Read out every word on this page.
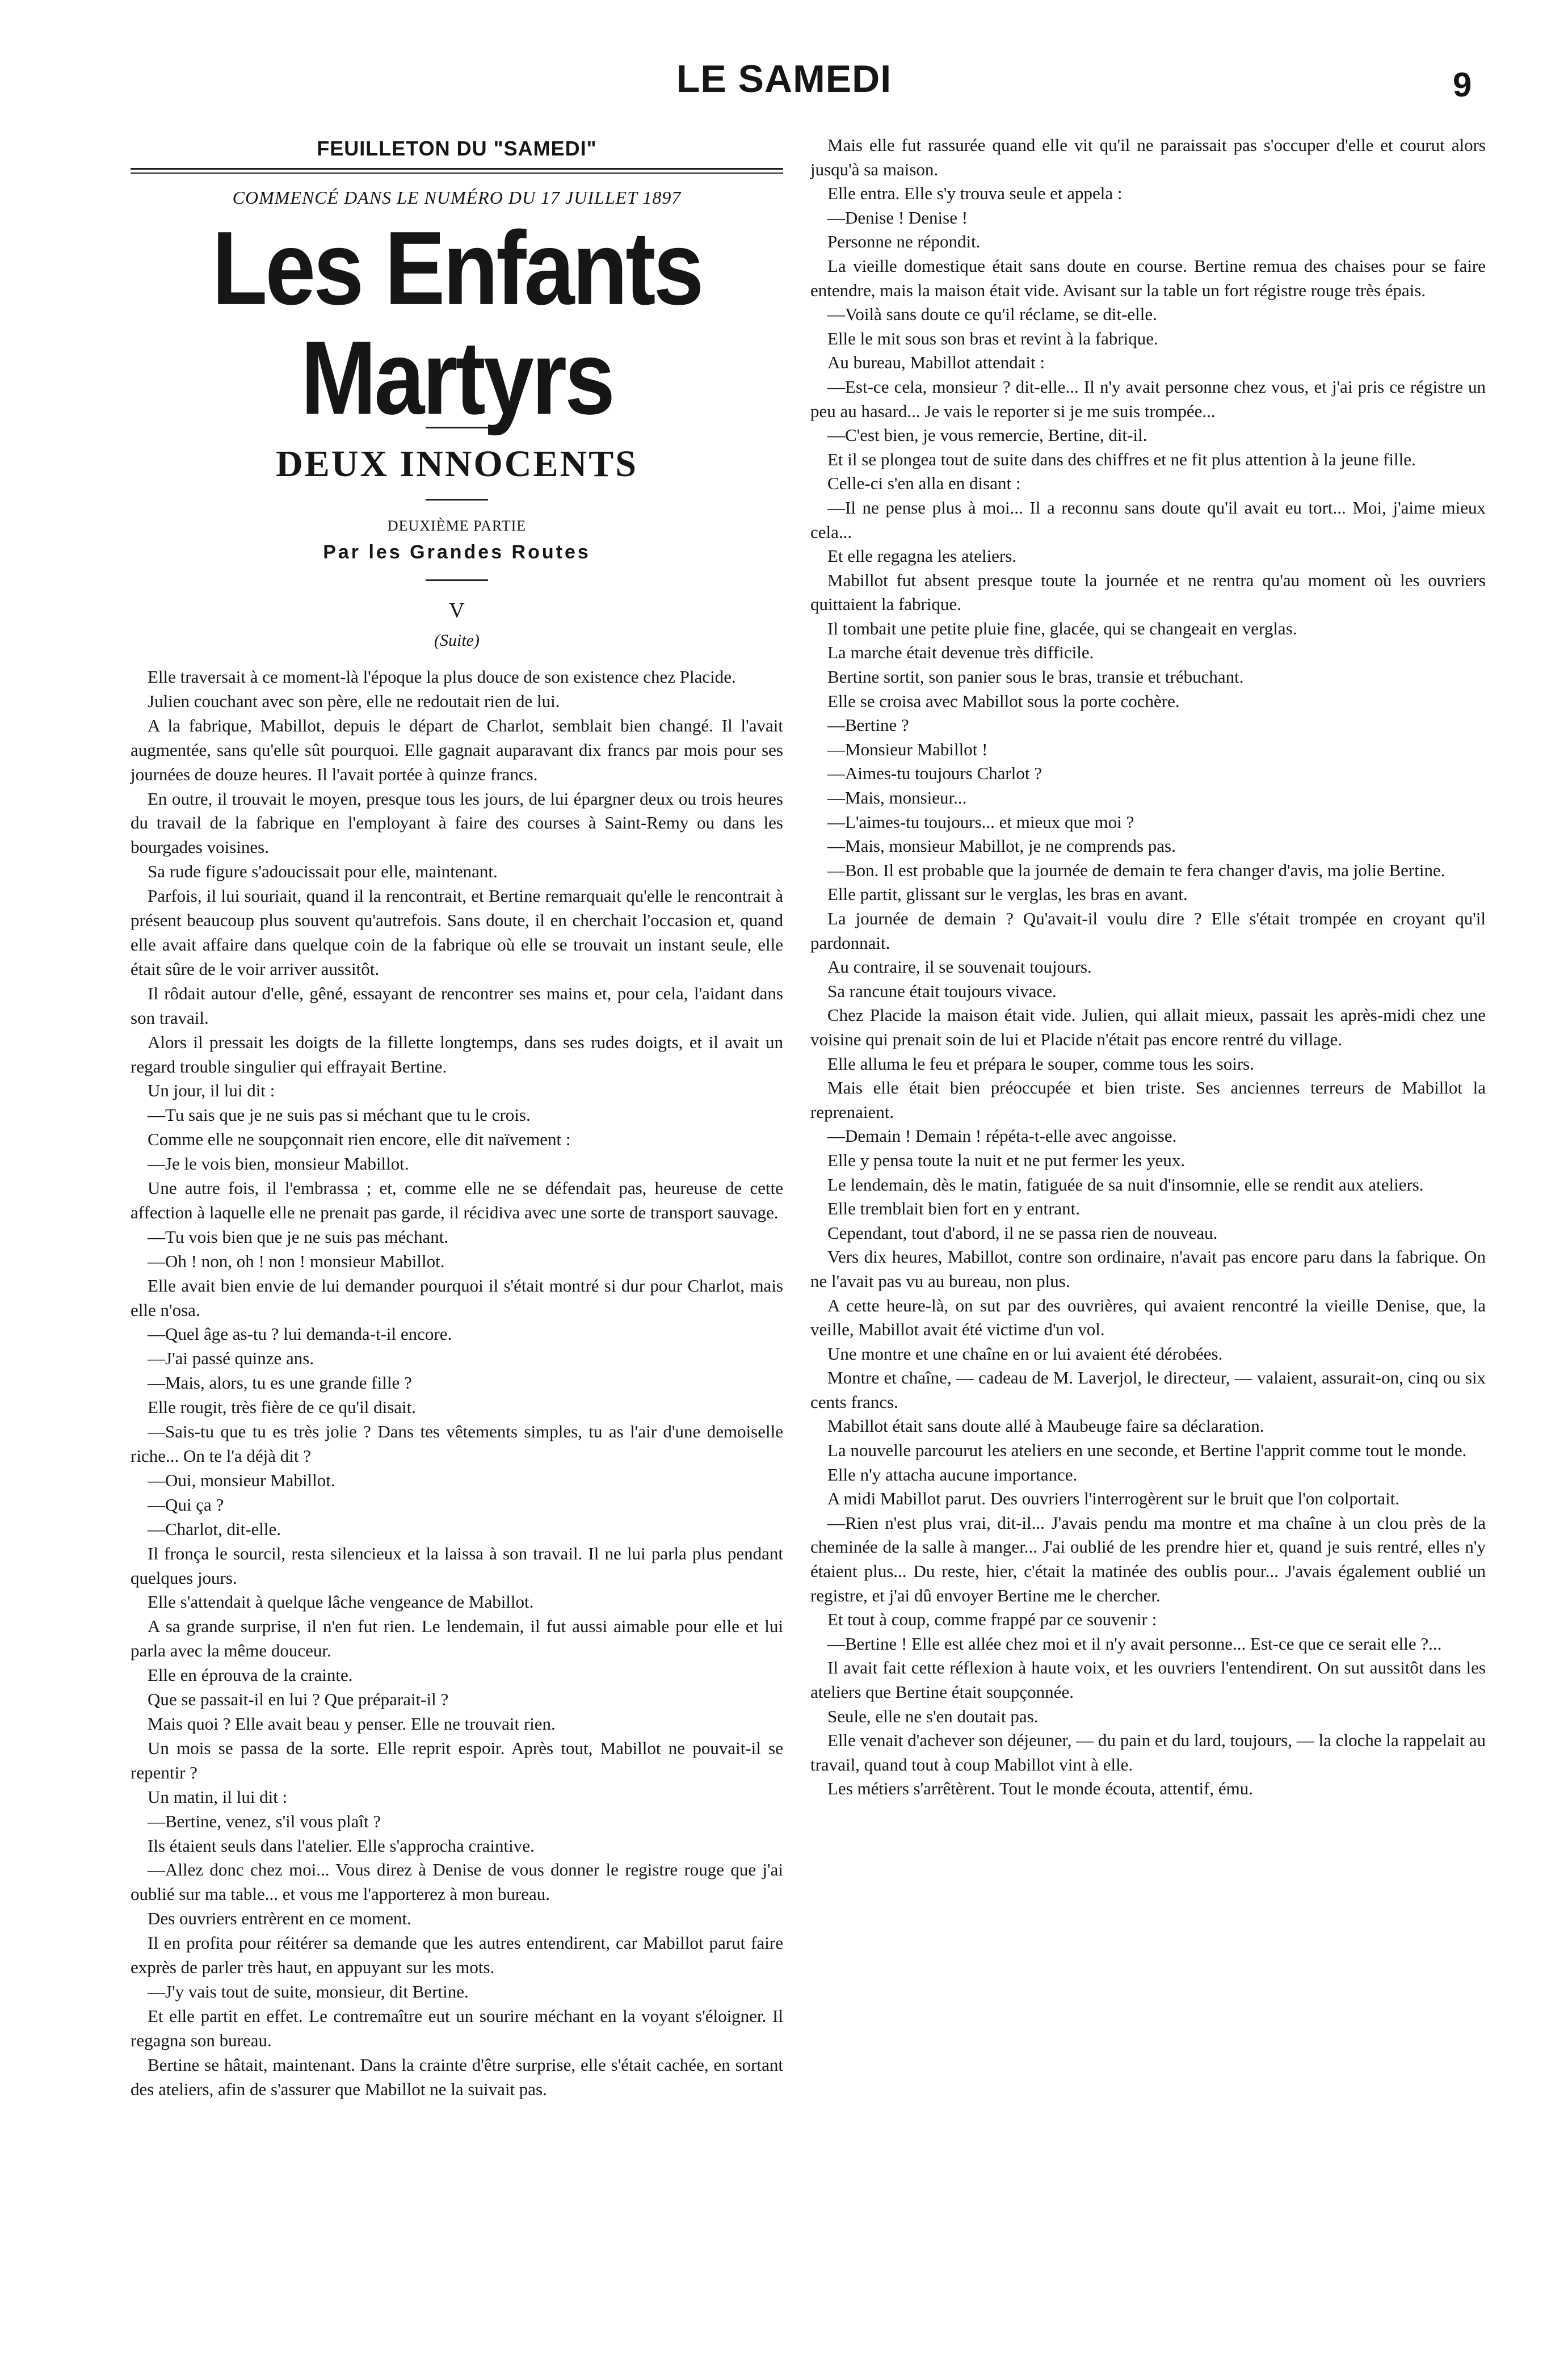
LE SAMEDI	9

FEUILLETON DU "SAMEDI"

COMMENCÉ DANS LE NUMÉRO DU 17 JUILLET 1897

Les Enfants Martyrs
DEUX INNOCENTS

DEUXIÈME PARTIE

Par les Grandes Routes

V

(Suite)

Elle traversait à ce moment-là l'époque la plus douce de son existence chez Placide.

Julien couchant avec son père, elle ne redoutait rien de lui.

A la fabrique, Mabillot, depuis le départ de Charlot, semblait bien changé. Il l'avait augmentée, sans qu'elle sût pourquoi. Elle gagnait auparavant dix francs par mois pour ses journées de douze heures. Il l'avait portée à quinze francs.

En outre, il trouvait le moyen, presque tous les jours, de lui épargner deux ou trois heures du travail de la fabrique en l'employant à faire des courses à Saint-Remy ou dans les bourgades voisines.

Sa rude figure s'adoucissait pour elle, maintenant.

Parfois, il lui souriait, quand il la rencontrait, et Bertine remarquait qu'elle le rencontrait à présent beaucoup plus souvent qu'autrefois. Sans doute, il en cherchait l'occasion et, quand elle avait affaire dans quelque coin de la fabrique où elle se trouvait un instant seule, elle était sûre de le voir arriver aussitôt.

Il rôdait autour d'elle, gêné, essayant de rencontrer ses mains et, pour cela, l'aidant dans son travail.

Alors il pressait les doigts de la fillette longtemps, dans ses rudes doigts, et il avait un regard trouble singulier qui effrayait Bertine.

Un jour, il lui dit :

—Tu sais que je ne suis pas si méchant que tu le crois.

Comme elle ne soupçonnait rien encore, elle dit naïvement :

—Je le vois bien, monsieur Mabillot.

Une autre fois, il l'embrassa ; et, comme elle ne se défendait pas, heureuse de cette affection à laquelle elle ne prenait pas garde, il récidiva avec une sorte de transport sauvage.

—Tu vois bien que je ne suis pas méchant.

—Oh ! non, oh ! non ! monsieur Mabillot.

Elle avait bien envie de lui demander pourquoi il s'était montré si dur pour Charlot, mais elle n'osa.

—Quel âge as-tu ? lui demanda-t-il encore.

—J'ai passé quinze ans.

—Mais, alors, tu es une grande fille ?

Elle rougit, très fière de ce qu'il disait.

—Sais-tu que tu es très jolie ? Dans tes vêtements simples, tu as l'air d'une demoiselle riche... On te l'a déjà dit ?

—Oui, monsieur Mabillot.

—Qui ça ?

—Charlot, dit-elle.

Il fronça le sourcil, resta silencieux et la laissa à son travail. Il ne lui parla plus pendant quelques jours.

Elle s'attendait à quelque lâche vengeance de Mabillot.

A sa grande surprise, il n'en fut rien. Le lendemain, il fut aussi aimable pour elle et lui parla avec la même douceur.

Elle en éprouva de la crainte.

Que se passait-il en lui ? Que préparait-il ?

Mais quoi ? Elle avait beau y penser. Elle ne trouvait rien.

Un mois se passa de la sorte. Elle reprit espoir. Après tout, Mabillot ne pouvait-il se repentir ?

Un matin, il lui dit :

—Bertine, venez, s'il vous plaît ?

Ils étaient seuls dans l'atelier. Elle s'approcha craintive.

—Allez donc chez moi... Vous direz à Denise de vous donner le registre rouge que j'ai oublié sur ma table... et vous me l'apporterez à mon bureau.

Des ouvriers entrèrent en ce moment.

Il en profita pour réitérer sa demande que les autres entendirent, car Mabillot parut faire exprès de parler très haut, en appuyant sur les mots.

—J'y vais tout de suite, monsieur, dit Bertine.

Et elle partit en effet. Le contremaître eut un sourire méchant en la voyant s'éloigner. Il regagna son bureau.

Bertine se hâtait, maintenant. Dans la crainte d'être surprise, elle s'était cachée, en sortant des ateliers, afin de s'assurer que Mabillot ne la suivait pas.

Mais elle fut rassurée quand elle vit qu'il ne paraissait pas s'occuper d'elle et courut alors jusqu'à sa maison.

Elle entra. Elle s'y trouva seule et appela :

—Denise ! Denise !

Personne ne répondit.

La vieille domestique était sans doute en course. Bertine remua des chaises pour se faire entendre, mais la maison était vide. Avisant sur la table un fort régistre rouge très épais.

—Voilà sans doute ce qu'il réclame, se dit-elle.

Elle le mit sous son bras et revint à la fabrique.

Au bureau, Mabillot attendait :

—Est-ce cela, monsieur ? dit-elle... Il n'y avait personne chez vous, et j'ai pris ce régistre un peu au hasard... Je vais le reporter si je me suis trompée...

—C'est bien, je vous remercie, Bertine, dit-il.

Et il se plongea tout de suite dans des chiffres et ne fit plus attention à la jeune fille.

Celle-ci s'en alla en disant :

—Il ne pense plus à moi... Il a reconnu sans doute qu'il avait eu tort... Moi, j'aime mieux cela...

Et elle regagna les ateliers.

Mabillot fut absent presque toute la journée et ne rentra qu'au moment où les ouvriers quittaient la fabrique.

Il tombait une petite pluie fine, glacée, qui se changeait en verglas.

La marche était devenue très difficile.

Bertine sortit, son panier sous le bras, transie et trébuchant.

Elle se croisa avec Mabillot sous la porte cochère.

—Bertine ?

—Monsieur Mabillot !

—Aimes-tu toujours Charlot ?

—Mais, monsieur...

—L'aimes-tu toujours... et mieux que moi ?

—Mais, monsieur Mabillot, je ne comprends pas.

—Bon. Il est probable que la journée de demain te fera changer d'avis, ma jolie Bertine.

Elle partit, glissant sur le verglas, les bras en avant.

La journée de demain ? Qu'avait-il voulu dire ? Elle s'était trompée en croyant qu'il pardonnait.

Au contraire, il se souvenait toujours.

Sa rancune était toujours vivace.

Chez Placide la maison était vide. Julien, qui allait mieux, passait les après-midi chez une voisine qui prenait soin de lui et Placide n'était pas encore rentré du village.

Elle alluma le feu et prépara le souper, comme tous les soirs.

Mais elle était bien préoccupée et bien triste. Ses anciennes terreurs de Mabillot la reprenaient.

—Demain ! Demain ! répéta-t-elle avec angoisse.

Elle y pensa toute la nuit et ne put fermer les yeux.

Le lendemain, dès le matin, fatiguée de sa nuit d'insomnie, elle se rendit aux ateliers.

Elle tremblait bien fort en y entrant.

Cependant, tout d'abord, il ne se passa rien de nouveau.

Vers dix heures, Mabillot, contre son ordinaire, n'avait pas encore paru dans la fabrique. On ne l'avait pas vu au bureau, non plus.

A cette heure-là, on sut par des ouvrières, qui avaient rencontré la vieille Denise, que, la veille, Mabillot avait été victime d'un vol.

Une montre et une chaîne en or lui avaient été dérobées.

Montre et chaîne, — cadeau de M. Laverjol, le directeur, — valaient, assurait-on, cinq ou six cents francs.

Mabillot était sans doute allé à Maubeuge faire sa déclaration.

La nouvelle parcourut les ateliers en une seconde, et Bertine l'apprit comme tout le monde.

Elle n'y attacha aucune importance.

A midi Mabillot parut. Des ouvriers l'interrogèrent sur le bruit que l'on colportait.

—Rien n'est plus vrai, dit-il... J'avais pendu ma montre et ma chaîne à un clou près de la cheminée de la salle à manger... J'ai oublié de les prendre hier et, quand je suis rentré, elles n'y étaient plus... Du reste, hier, c'était la matinée des oublis pour... J'avais également oublié un registre, et j'ai dû envoyer Bertine me le chercher.

Et tout à coup, comme frappé par ce souvenir :

—Bertine ! Elle est allée chez moi et il n'y avait personne... Est-ce que ce serait elle ?...

Il avait fait cette réflexion à haute voix, et les ouvriers l'entendirent. On sut aussitôt dans les ateliers que Bertine était soupçonnée.

Seule, elle ne s'en doutait pas.

Elle venait d'achever son déjeuner, — du pain et du lard, toujours, — la cloche la rappelait au travail, quand tout à coup Mabillot vint à elle.

Les métiers s'arrêtèrent. Tout le monde écouta, attentif, ému.
